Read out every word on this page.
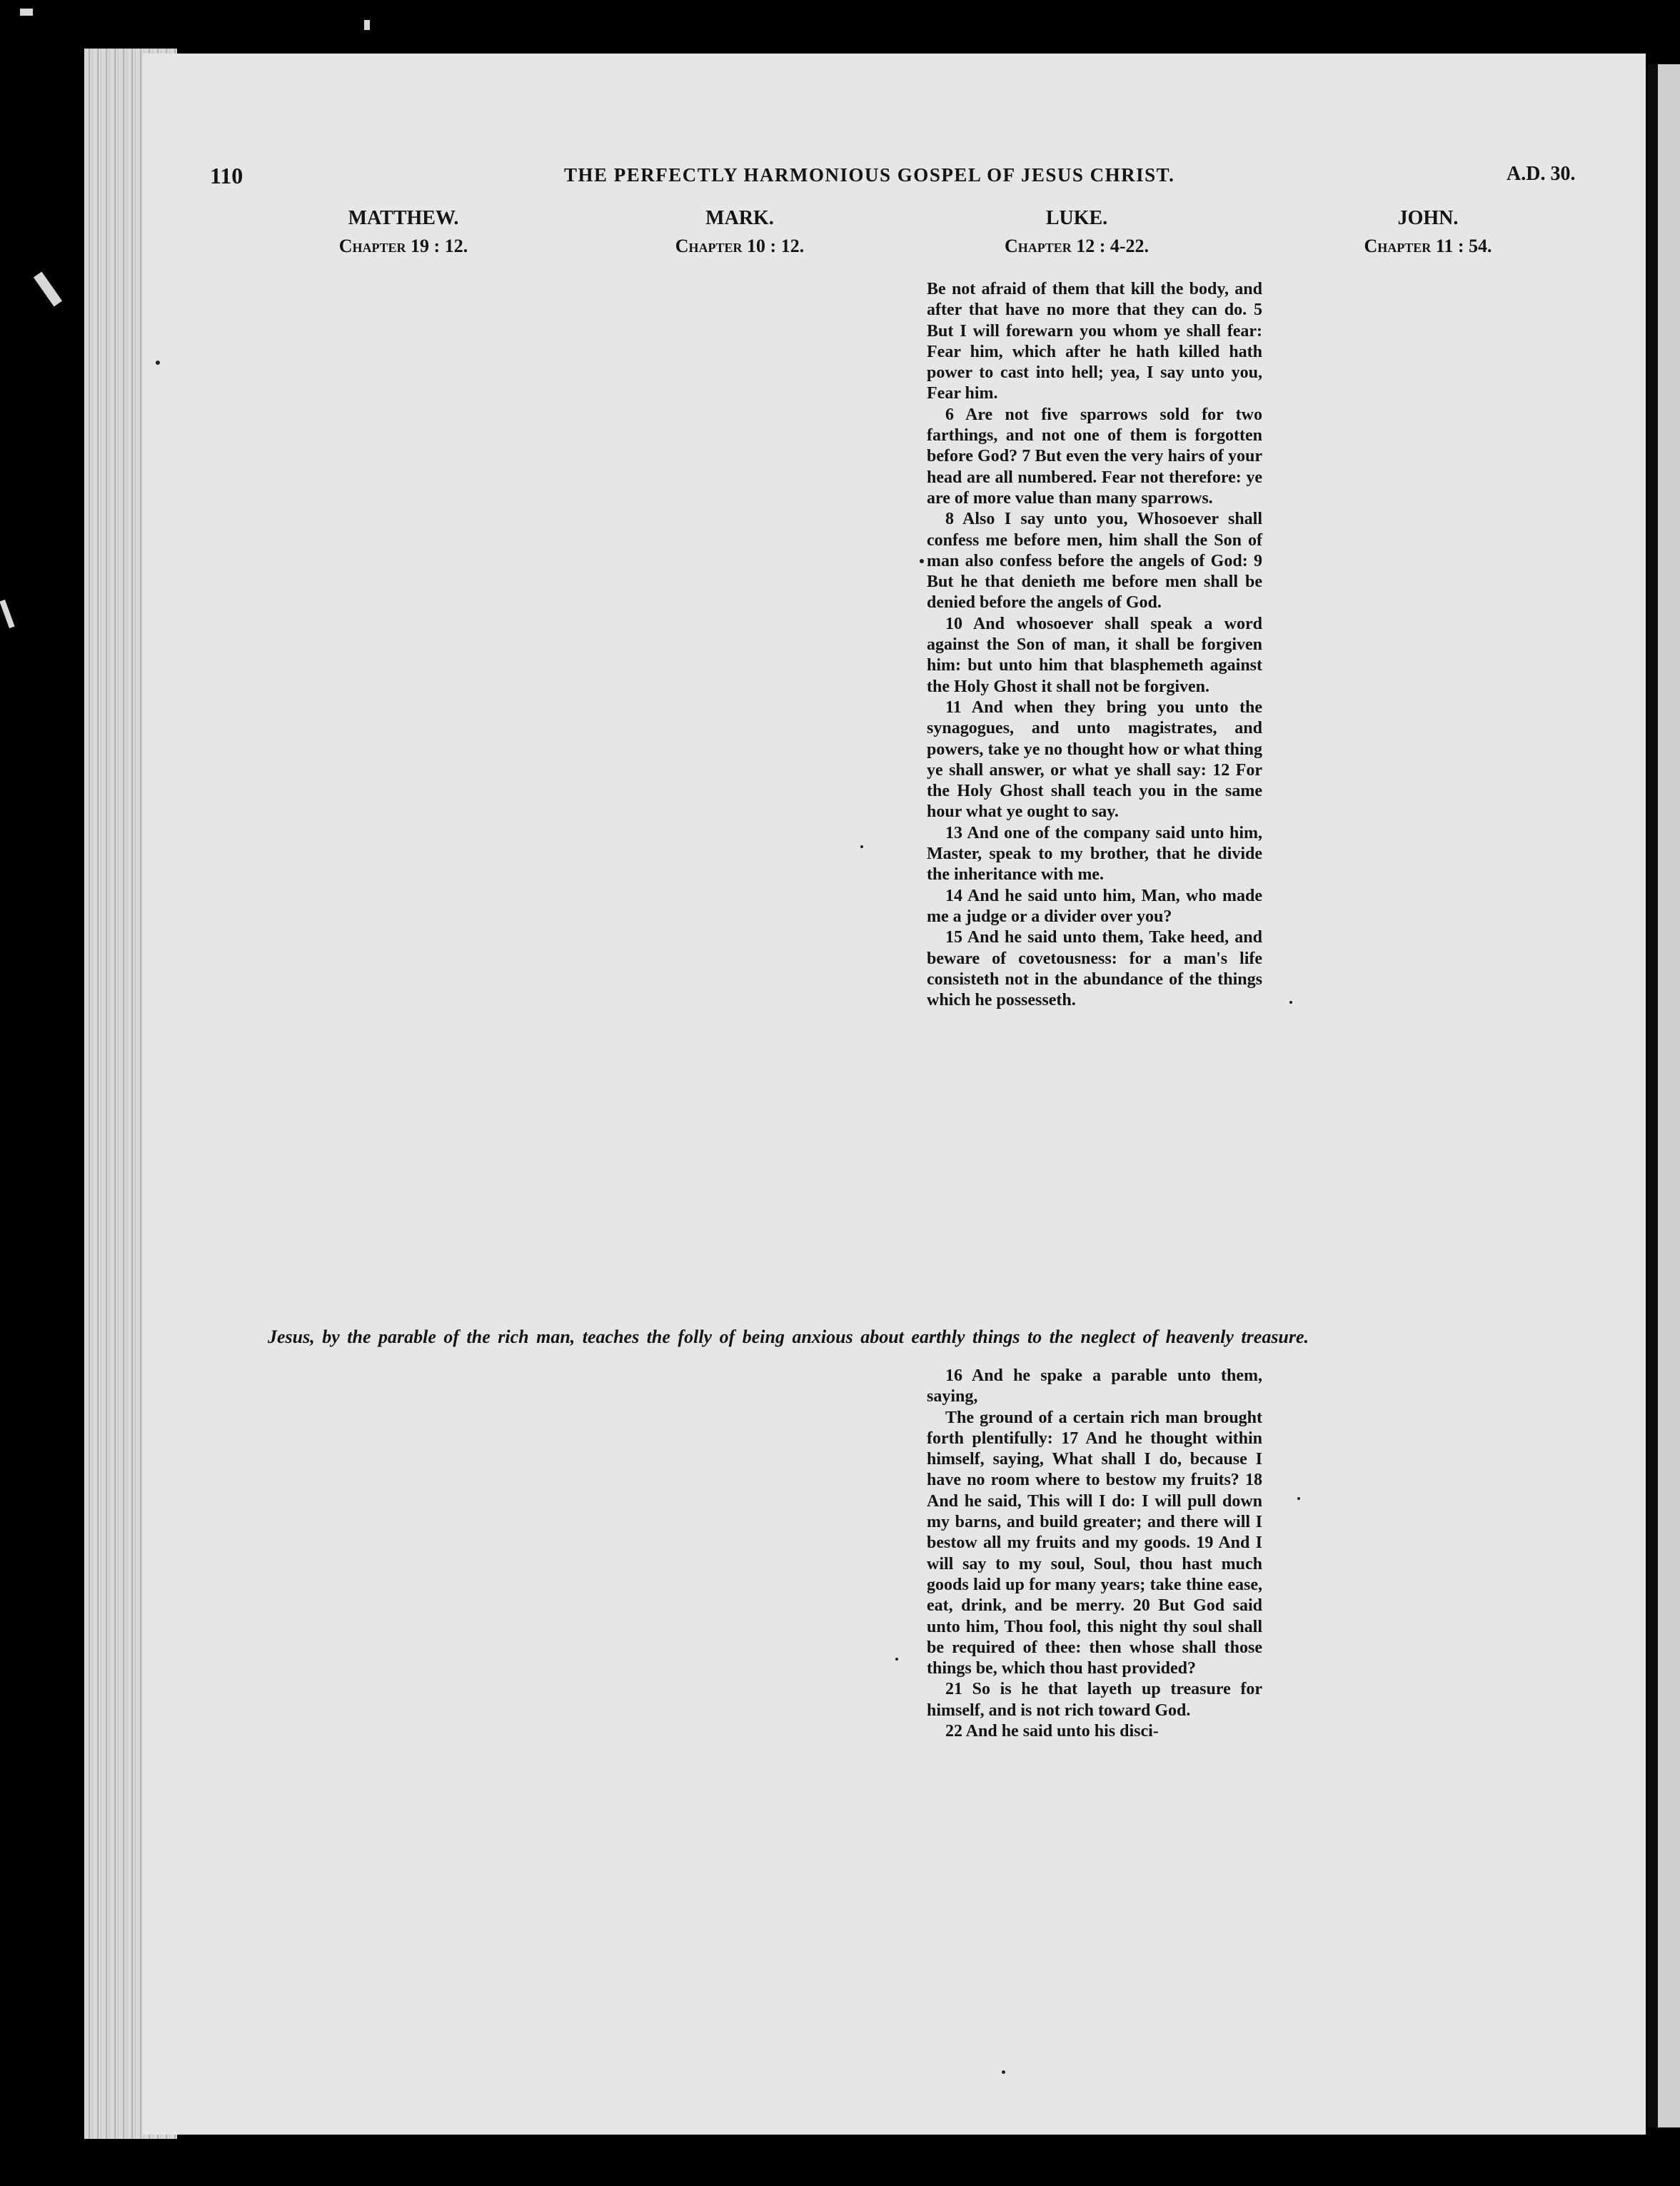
110	THE PERFECTLY HARMONIOUS GOSPEL OF JESUS CHRIST.	A.D. 30.
MATTHEW.
Chapter 19 : 12.
MARK.
Chapter 10 : 12.
LUKE.
Chapter 12 : 4-22.
JOHN.
Chapter 11 : 54.

Be not afraid of them that kill the body, and after that have no more that they can do. 5 But I will forewarn you whom ye shall fear: Fear him, which after he hath killed hath power to cast into hell; yea, I say unto you, Fear him.

6 Are not five sparrows sold for two farthings, and not one of them is forgotten before God? 7 But even the very hairs of your head are all numbered. Fear not therefore: ye are of more value than many sparrows.

8 Also I say unto you, Whosoever shall confess me before men, him shall the Son of man also confess before the angels of God: 9 But he that denieth me before men shall be denied before the angels of God.

10 And whosoever shall speak a word against the Son of man, it shall be forgiven him: but unto him that blasphemeth against the Holy Ghost it shall not be forgiven.

11 And when they bring you unto the synagogues, and unto magistrates, and powers, take ye no thought how or what thing ye shall answer, or what ye shall say: 12 For the Holy Ghost shall teach you in the same hour what ye ought to say.

13 And one of the company said unto him, Master, speak to my brother, that he divide the inheritance with me.

14 And he said unto him, Man, who made me a judge or a divider over you?

15 And he said unto them, Take heed, and beware of covetousness: for a man's life consisteth not in the abundance of the things which he possesseth.

Jesus, by the parable of the rich man, teaches the folly of being anxious about earthly things to the neglect of heavenly treasure.

16 And he spake a parable unto them, saying,

The ground of a certain rich man brought forth plentifully: 17 And he thought within himself, saying, What shall I do, because I have no room where to bestow my fruits? 18 And he said, This will I do: I will pull down my barns, and build greater; and there will I bestow all my fruits and my goods. 19 And I will say to my soul, Soul, thou hast much goods laid up for many years; take thine ease, eat, drink, and be merry. 20 But God said unto him, Thou fool, this night thy soul shall be required of thee: then whose shall those things be, which thou hast provided?

21 So is he that layeth up treasure for himself, and is not rich toward God.

22 And he said unto his disci-
